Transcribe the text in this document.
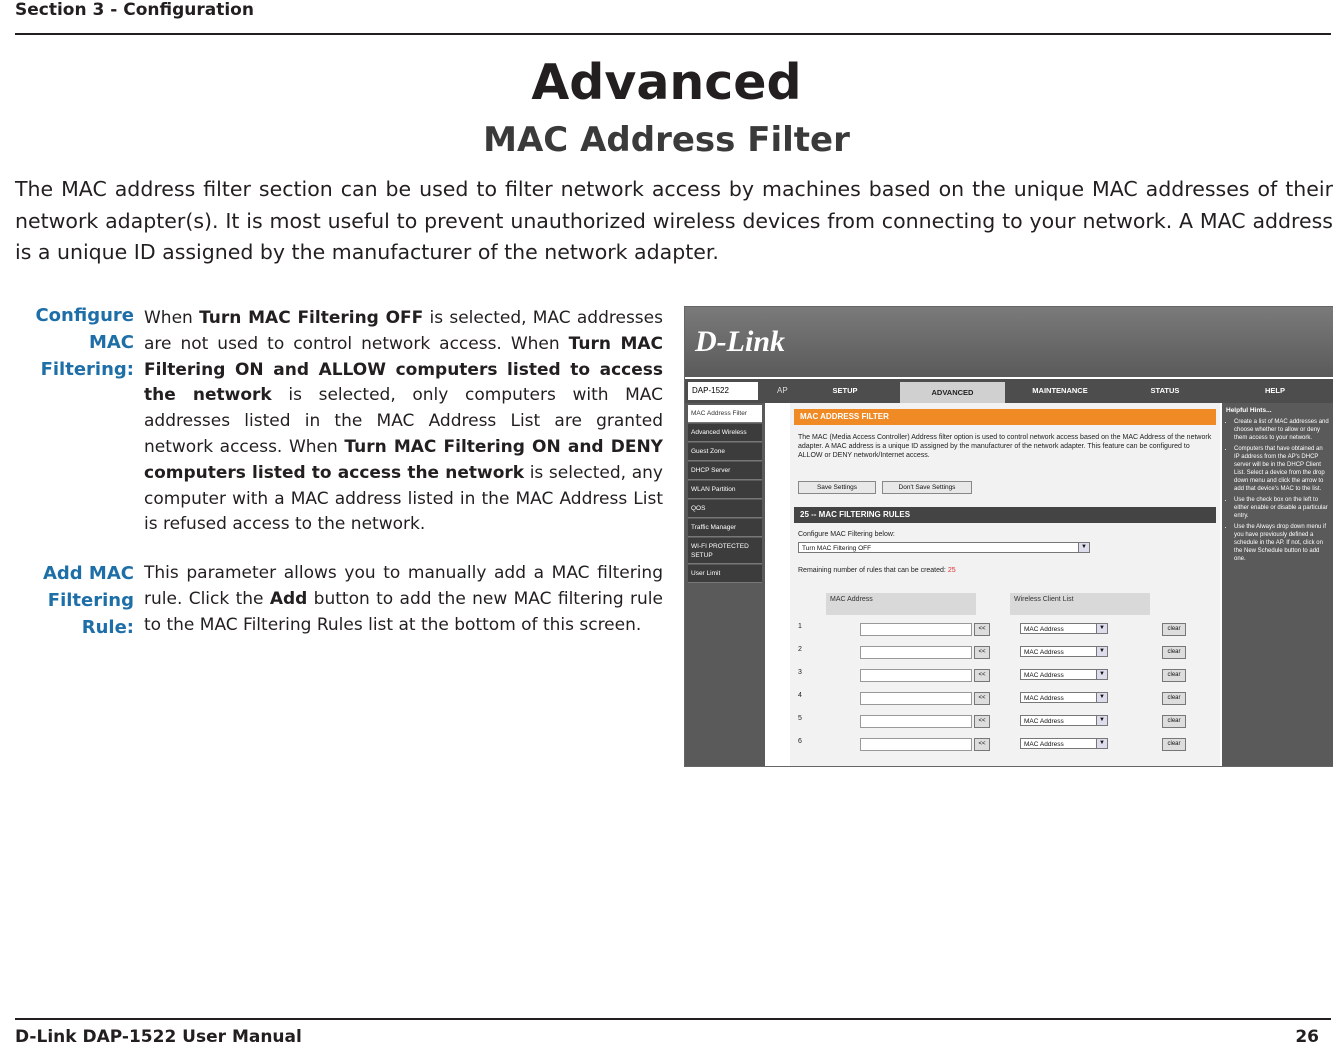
Section 3 - Configuration
Advanced
MAC Address Filter
The MAC address filter section can be used to filter network access by machines based on the unique MAC addresses of their network adapter(s). It is most useful to prevent unauthorized wireless devices from connecting to your network. A MAC address is a unique ID assigned by the manufacturer of the network adapter.
Configure MAC Filtering:
When Turn MAC Filtering OFF is selected, MAC addresses are not used to control network access. When Turn MAC Filtering ON and ALLOW computers listed to access the network is selected, only computers with MAC addresses listed in the MAC Address List are granted network access. When Turn MAC Filtering ON and DENY computers listed to access the network is selected, any computer with a MAC address listed in the MAC Address List is refused access to the network.
Add MAC Filtering Rule:
This parameter allows you to manually add a MAC filtering rule. Click the Add button to add the new MAC filtering rule to the MAC Filtering Rules list at the bottom of this screen.
D-Link
DAP-1522	AP	SETUP	ADVANCED	MAINTENANCE	STATUS	HELP
MAC Address Filter
Advanced Wireless
Guest Zone
DHCP Server
WLAN Partition
QOS
Traffic Manager
WI-FI PROTECTED SETUP
User Limit
MAC ADDRESS FILTER
The MAC (Media Access Controller) Address filter option is used to control network access based on the MAC Address of the network adapter. A MAC address is a unique ID assigned by the manufacturer of the network adapter. This feature can be configured to ALLOW or DENY network/Internet access.
Save Settings	Don't Save Settings
25 -- MAC FILTERING RULES
Configure MAC Filtering below:
Turn MAC Filtering OFF	▼
Remaining number of rules that can be created: 25
MAC Address	Wireless Client List
1	<<	MAC Address	▼	clear
2	<<	MAC Address	▼	clear
3	<<	MAC Address	▼	clear
4	<<	MAC Address	▼	clear
5	<<	MAC Address	▼	clear
6	<<	MAC Address	▼	clear
Helpful Hints...
• Create a list of MAC addresses and choose whether to allow or deny them access to your network.
• Computers that have obtained an IP address from the AP's DHCP server will be in the DHCP Client List. Select a device from the drop down menu and click the arrow to add that device's MAC to the list.
• Use the check box on the left to either enable or disable a particular entry.
• Use the Always drop down menu if you have previously defined a schedule in the AP. If not, click on the New Schedule button to add one.
D-Link DAP-1522 User Manual	26
